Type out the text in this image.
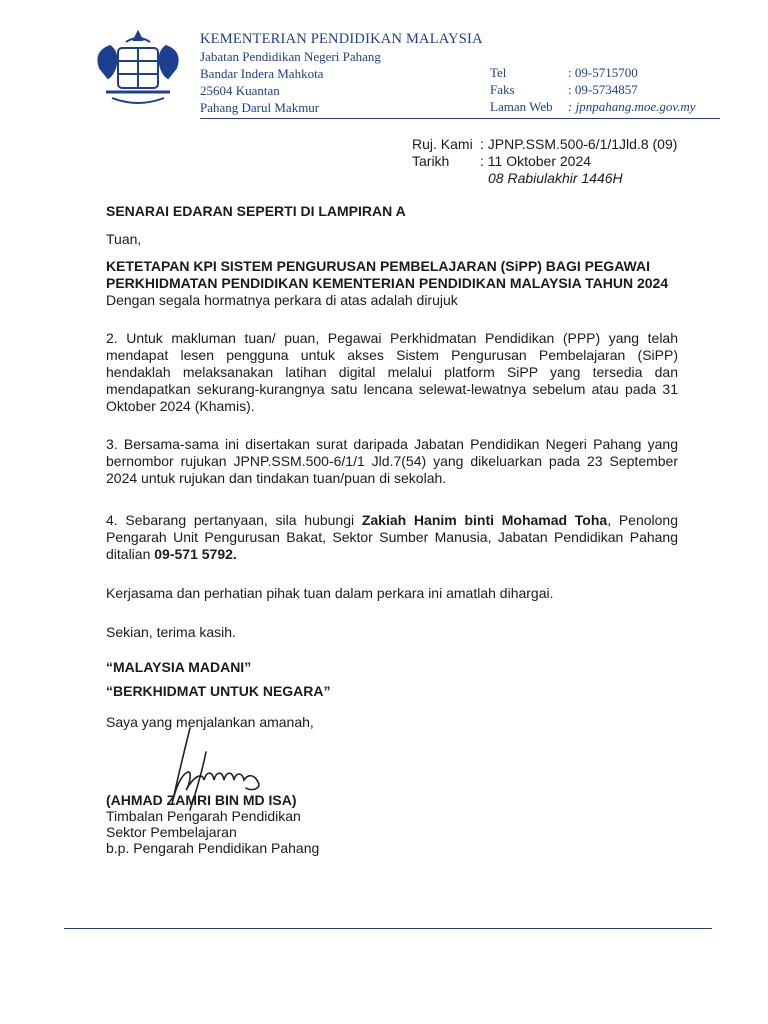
KEMENTERIAN PENDIDIKAN MALAYSIA
Jabatan Pendidikan Negeri Pahang
Bandar Indera Mahkota
25604 Kuantan
Pahang Darul Makmur
Tel	: 09-5715700
Faks	: 09-5734857
Laman Web	: jpnpahang.moe.gov.my
Ruj. Kami : JPNP.SSM.500-6/1/1Jld.8 (09)
Tarikh	: 11 Oktober 2024
08 Rabiulakhir 1446H
SENARAI EDARAN SEPERTI DI LAMPIRAN A
Tuan,
KETETAPAN KPI SISTEM PENGURUSAN PEMBELAJARAN (SiPP) BAGI PEGAWAI
PERKHIDMATAN PENDIDIKAN KEMENTERIAN PENDIDIKAN MALAYSIA TAHUN 2024
Dengan segala hormatnya perkara di atas adalah dirujuk

2. Untuk makluman tuan/ puan, Pegawai Perkhidmatan Pendidikan (PPP) yang telah mendapat lesen pengguna untuk akses Sistem Pengurusan Pembelajaran (SiPP) hendaklah melaksanakan latihan digital melalui platform SiPP yang tersedia dan mendapatkan sekurang-kurangnya satu lencana selewat-lewatnya sebelum atau pada 31 Oktober 2024 (Khamis).

3. Bersama-sama ini disertakan surat daripada Jabatan Pendidikan Negeri Pahang yang bernombor rujukan JPNP.SSM.500-6/1/1 Jld.7(54) yang dikeluarkan pada 23 September 2024 untuk rujukan dan tindakan tuan/puan di sekolah.

4. Sebarang pertanyaan, sila hubungi Zakiah Hanim binti Mohamad Toha, Penolong Pengarah Unit Pengurusan Bakat, Sektor Sumber Manusia, Jabatan Pendidikan Pahang ditalian 09-571 5792.

Kerjasama dan perhatian pihak tuan dalam perkara ini amatlah dihargai.
Sekian, terima kasih.
“MALAYSIA MADANI”
“BERKHIDMAT UNTUK NEGARA”
Saya yang menjalankan amanah,
(AHMAD ZAMRI BIN MD ISA)
Timbalan Pengarah Pendidikan
Sektor Pembelajaran
b.p. Pengarah Pendidikan Pahang
